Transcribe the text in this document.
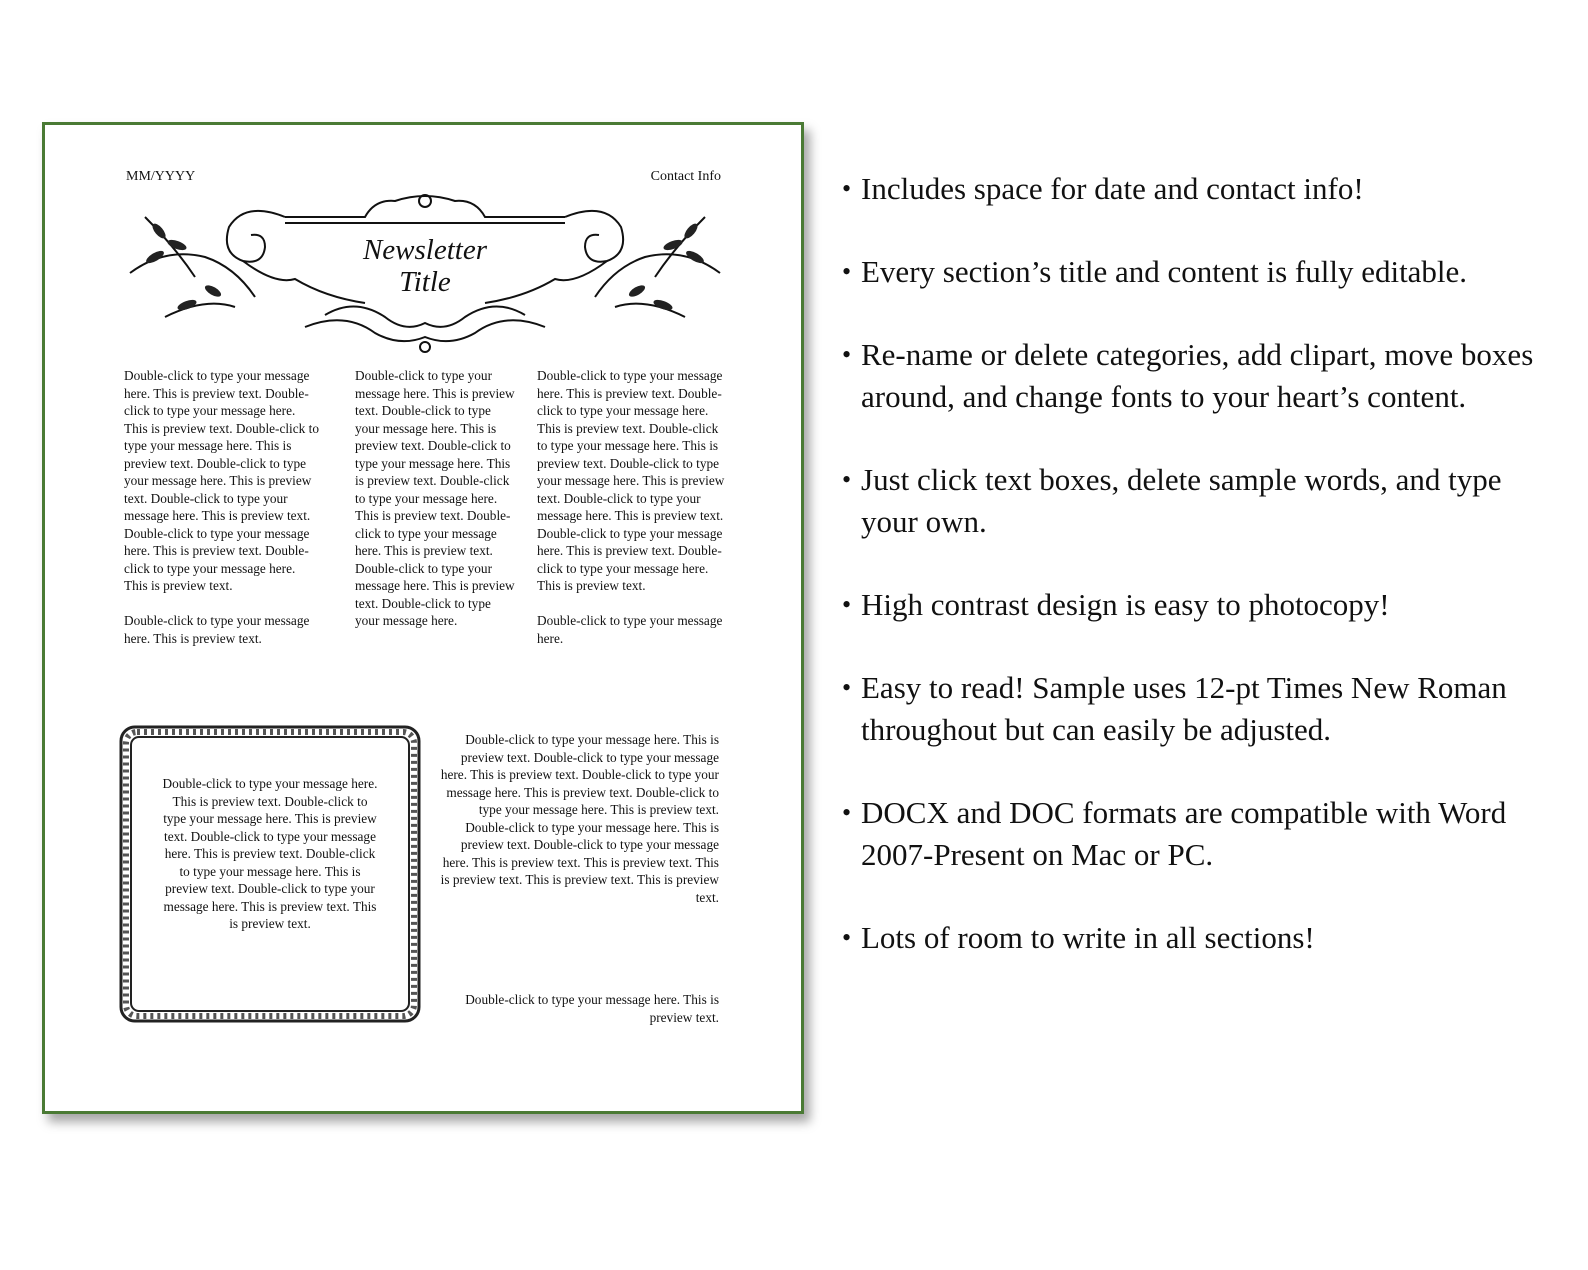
MM/YYYY	Contact Info
Newsletter
Title

Double-click to type your message here. This is preview text. Double-click to type your message here. This is preview text. Double-click to type your message here. This is preview text. Double-click to type your message here. This is preview text. Double-click to type your message here. This is preview text. Double-click to type your message here. This is preview text. Double-click to type your message here. This is preview text.

Double-click to type your message here. This is preview text.

Double-click to type your message here. This is preview text. Double-click to type your message here. This is preview text. Double-click to type your message here. This is preview text. Double-click to type your message here. This is preview text. Double-click to type your message here. This is preview text. Double-click to type your message here. This is preview text. Double-click to type your message here.

Double-click to type your message here. This is preview text. Double-click to type your message here. This is preview text. Double-click to type your message here. This is preview text. Double-click to type your message here. This is preview text. Double-click to type your message here. This is preview text. Double-click to type your message here. This is preview text. Double-click to type your message here. This is preview text.

Double-click to type your message here.

Double-click to type your message here. This is preview text. Double-click to type your message here. This is preview text. Double-click to type your message here. This is preview text. Double-click to type your message here. This is preview text. Double-click to type your message here. This is preview text. This is preview text.
Double-click to type your message here. This is preview text. Double-click to type your message here. This is preview text. Double-click to type your message here. This is preview text. Double-click to type your message here. This is preview text. Double-click to type your message here. This is preview text. Double-click to type your message here. This is preview text. This is preview text. This is preview text. This is preview text. This is preview text.
Double-click to type your message here. This is preview text.
• Includes space for date and contact info!
• Every section’s title and content is fully editable.
• Re-name or delete categories, add clipart, move boxes around, and change fonts to your heart’s content.
• Just click text boxes, delete sample words, and type your own.
• High contrast design is easy to photocopy!
• Easy to read! Sample uses 12-pt Times New Roman throughout but can easily be adjusted.
• DOCX and DOC formats are compatible with Word 2007-Present on Mac or PC.
• Lots of room to write in all sections!
